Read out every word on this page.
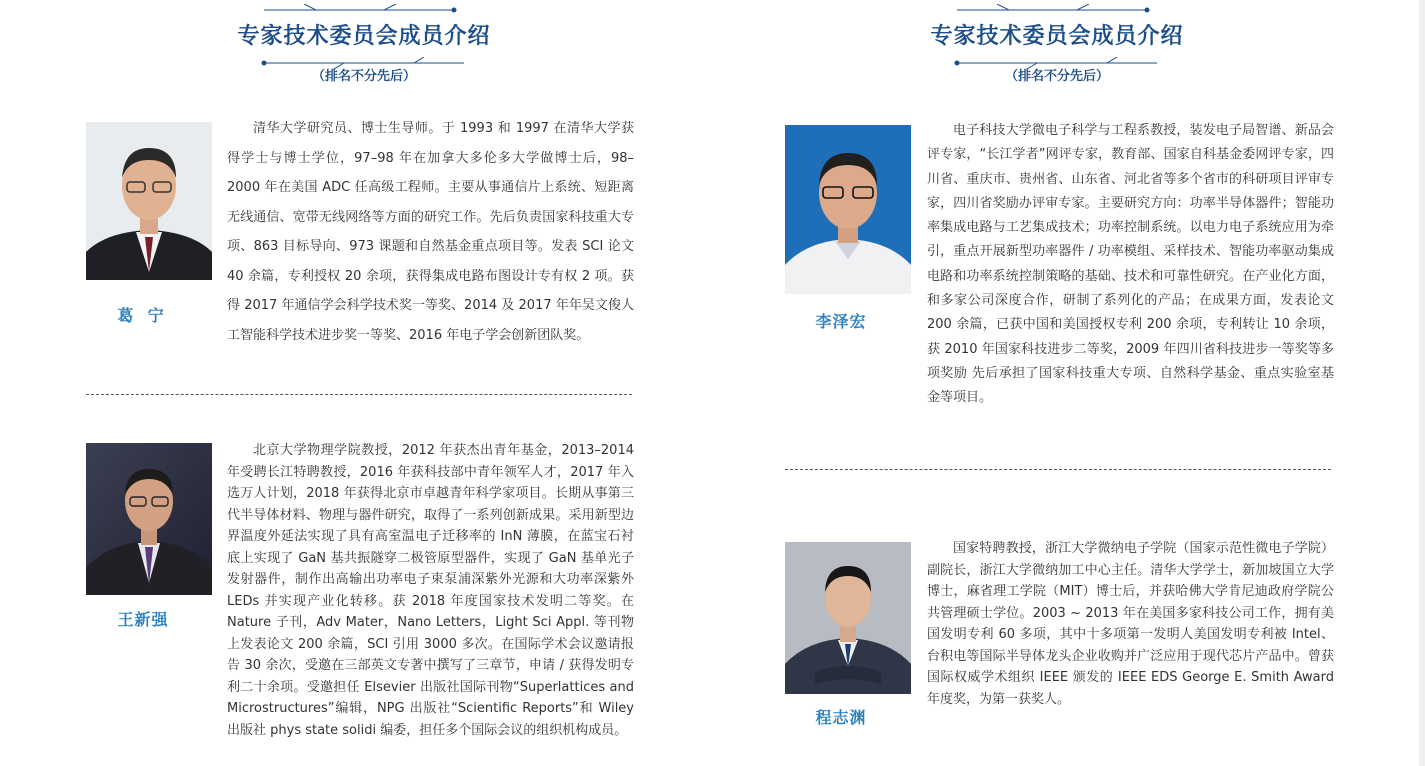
专家技术委员会成员介绍
（排名不分先后）
专家技术委员会成员介绍
（排名不分先后）
葛  宁

清华大学研究员、博士生导师。于 1993 和 1997 在清华大学获得学士与博士学位，97–98 年在加拿大多伦多大学做博士后，98–2000 年在美国 ADC 任高级工程师。主要从事通信片上系统、短距离无线通信、宽带无线网络等方面的研究工作。先后负责国家科技重大专项、863 目标导向、973 课题和自然基金重点项目等。发表 SCI 论文 40 余篇，专利授权 20 余项，获得集成电路布图设计专有权 2 项。获得 2017 年通信学会科学技术奖一等奖、2014 及 2017 年年吴文俊人工智能科学技术进步奖一等奖、2016 年电子学会创新团队奖。

王新强

北京大学物理学院教授，2012 年获杰出青年基金，2013–2014 年受聘长江特聘教授，2016 年获科技部中青年领军人才，2017 年入选万人计划，2018 年获得北京市卓越青年科学家项目。长期从事第三代半导体材料、物理与器件研究，取得了一系列创新成果。采用新型边界温度外延法实现了具有高室温电子迁移率的 InN 薄膜，在蓝宝石衬底上实现了 GaN 基共振隧穿二极管原型器件，实现了 GaN 基单光子发射器件，制作出高输出功率电子束泵浦深紫外光源和大功率深紫外 LEDs 并实现产业化转移。获 2018 年度国家技术发明二等奖。在 Nature 子刊，Adv Mater，Nano Letters，Light Sci Appl. 等刊物上发表论文 200 余篇，SCI 引用 3000 多次。在国际学术会议邀请报告 30 余次，受邀在三部英文专著中撰写了三章节，申请 / 获得发明专利二十余项。受邀担任 Elsevier 出版社国际刊物“Superlattices and Microstructures”编辑，NPG 出版社“Scientific Reports”和 Wiley 出版社 phys state solidi 编委，担任多个国际会议的组织机构成员。

李泽宏

电子科技大学微电子科学与工程系教授，装发电子局智谱、新品会评专家，“长江学者”网评专家，教育部、国家自科基金委网评专家，四川省、重庆市、贵州省、山东省、河北省等多个省市的科研项目评审专家，四川省奖励办评审专家。主要研究方向：功率半导体器件；智能功率集成电路与工艺集成技术；功率控制系统。以电力电子系统应用为牵引，重点开展新型功率器件 / 功率模组、采样技术、智能功率驱动集成电路和功率系统控制策略的基础、技术和可靠性研究。在产业化方面，和多家公司深度合作，研制了系列化的产品；在成果方面，发表论文 200 余篇，已获中国和美国授权专利 200 余项，专利转让 10 余项，获 2010 年国家科技进步二等奖，2009 年四川省科技进步一等奖等多项奖励 先后承担了国家科技重大专项、自然科学基金、重点实验室基金等项目。

程志渊

国家特聘教授，浙江大学微纳电子学院（国家示范性微电子学院）副院长，浙江大学微纳加工中心主任。清华大学学士，新加坡国立大学博士，麻省理工学院（MIT）博士后，并获哈佛大学肯尼迪政府学院公共管理硕士学位。2003 ~ 2013 年在美国多家科技公司工作，拥有美国发明专利 60 多项，其中十多项第一发明人美国发明专利被 Intel、台积电等国际半导体龙头企业收购并广泛应用于现代芯片产品中。曾获国际权威学术组织 IEEE 颁发的 IEEE EDS George E. Smith Award 年度奖，为第一获奖人。
